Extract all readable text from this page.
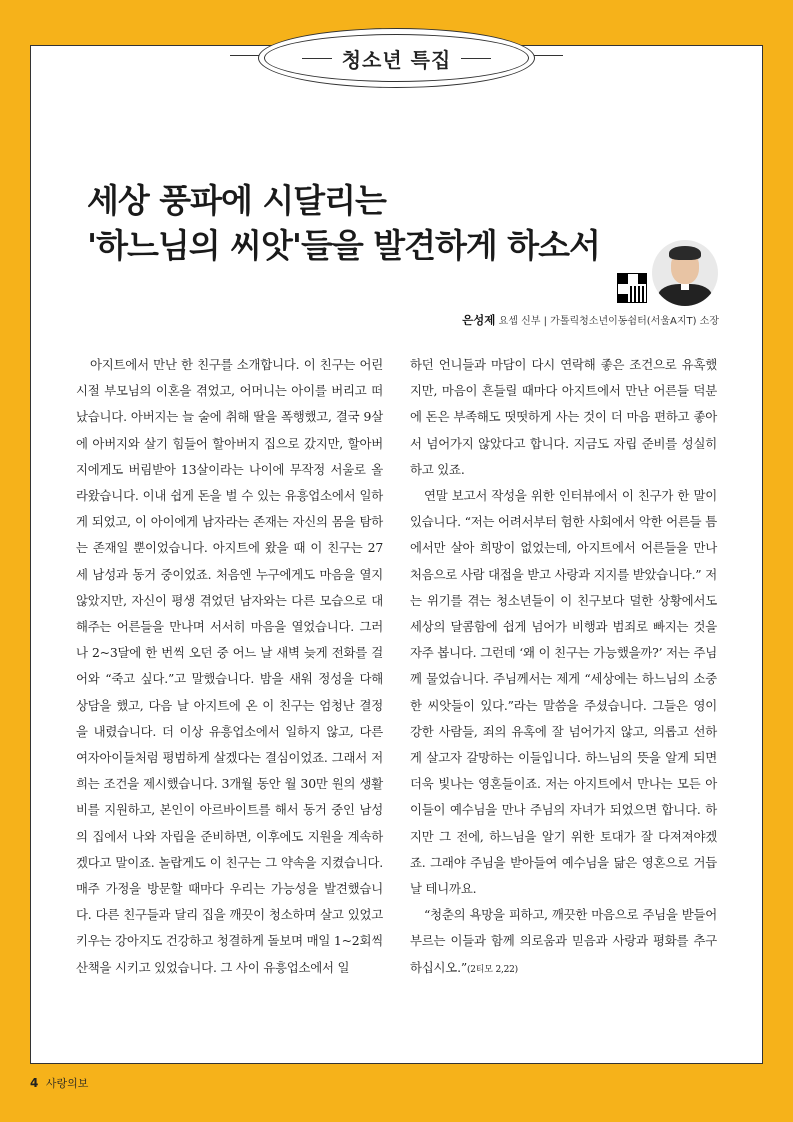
청소년 특집
세상 풍파에 시달리는
'하느님의 씨앗'들을 발견하게 하소서
은성제 요셉 신부 | 가톨릭청소년이동쉼터(서울A지T) 소장

아지트에서 만난 한 친구를 소개합니다. 이 친구는 어린 시절 부모님의 이혼을 겪었고, 어머니는 아이를 버리고 떠났습니다. 아버지는 늘 술에 취해 딸을 폭행했고, 결국 9살에 아버지와 살기 힘들어 할아버지 집으로 갔지만, 할아버지에게도 버림받아 13살이라는 나이에 무작정 서울로 올라왔습니다. 이내 쉽게 돈을 벌 수 있는 유흥업소에서 일하게 되었고, 이 아이에게 남자라는 존재는 자신의 몸을 탐하는 존재일 뿐이었습니다. 아지트에 왔을 때 이 친구는 27세 남성과 동거 중이었죠. 처음엔 누구에게도 마음을 열지 않았지만, 자신이 평생 겪었던 남자와는 다른 모습으로 대해주는 어른들을 만나며 서서히 마음을 열었습니다. 그러나 2~3달에 한 번씩 오던 중 어느 날 새벽 늦게 전화를 걸어와 “죽고 싶다.”고 말했습니다. 밤을 새워 정성을 다해 상담을 했고, 다음 날 아지트에 온 이 친구는 엄청난 결정을 내렸습니다. 더 이상 유흥업소에서 일하지 않고, 다른 여자아이들처럼 평범하게 살겠다는 결심이었죠. 그래서 저희는 조건을 제시했습니다. 3개월 동안 월 30만 원의 생활비를 지원하고, 본인이 아르바이트를 해서 동거 중인 남성의 집에서 나와 자립을 준비하면, 이후에도 지원을 계속하겠다고 말이죠. 놀랍게도 이 친구는 그 약속을 지켰습니다. 매주 가정을 방문할 때마다 우리는 가능성을 발견했습니다. 다른 친구들과 달리 집을 깨끗이 청소하며 살고 있었고 키우는 강아지도 건강하고 청결하게 돌보며 매일 1~2회씩 산책을 시키고 있었습니다. 그 사이 유흥업소에서 일

하던 언니들과 마담이 다시 연락해 좋은 조건으로 유혹했지만, 마음이 흔들릴 때마다 아지트에서 만난 어른들 덕분에 돈은 부족해도 떳떳하게 사는 것이 더 마음 편하고 좋아서 넘어가지 않았다고 합니다. 지금도 자립 준비를 성실히 하고 있죠.

연말 보고서 작성을 위한 인터뷰에서 이 친구가 한 말이 있습니다. “저는 어려서부터 험한 사회에서 악한 어른들 틈에서만 살아 희망이 없었는데, 아지트에서 어른들을 만나 처음으로 사람 대접을 받고 사랑과 지지를 받았습니다.” 저는 위기를 겪는 청소년들이 이 친구보다 덜한 상황에서도 세상의 달콤함에 쉽게 넘어가 비행과 범죄로 빠지는 것을 자주 봅니다. 그런데 ‘왜 이 친구는 가능했을까?’ 저는 주님께 물었습니다. 주님께서는 제게 “세상에는 하느님의 소중한 씨앗들이 있다.”라는 말씀을 주셨습니다. 그들은 영이 강한 사람들, 죄의 유혹에 잘 넘어가지 않고, 의롭고 선하게 살고자 갈망하는 이들입니다. 하느님의 뜻을 알게 되면 더욱 빛나는 영혼들이죠. 저는 아지트에서 만나는 모든 아이들이 예수님을 만나 주님의 자녀가 되었으면 합니다. 하지만 그 전에, 하느님을 알기 위한 토대가 잘 다져져야겠죠. 그래야 주님을 받아들여 예수님을 닮은 영혼으로 거듭날 테니까요.

“청춘의 욕망을 피하고, 깨끗한 마음으로 주님을 받들어 부르는 이들과 함께 의로움과 믿음과 사랑과 평화를 추구하십시오.”(2티모 2,22)

4 사랑의보
